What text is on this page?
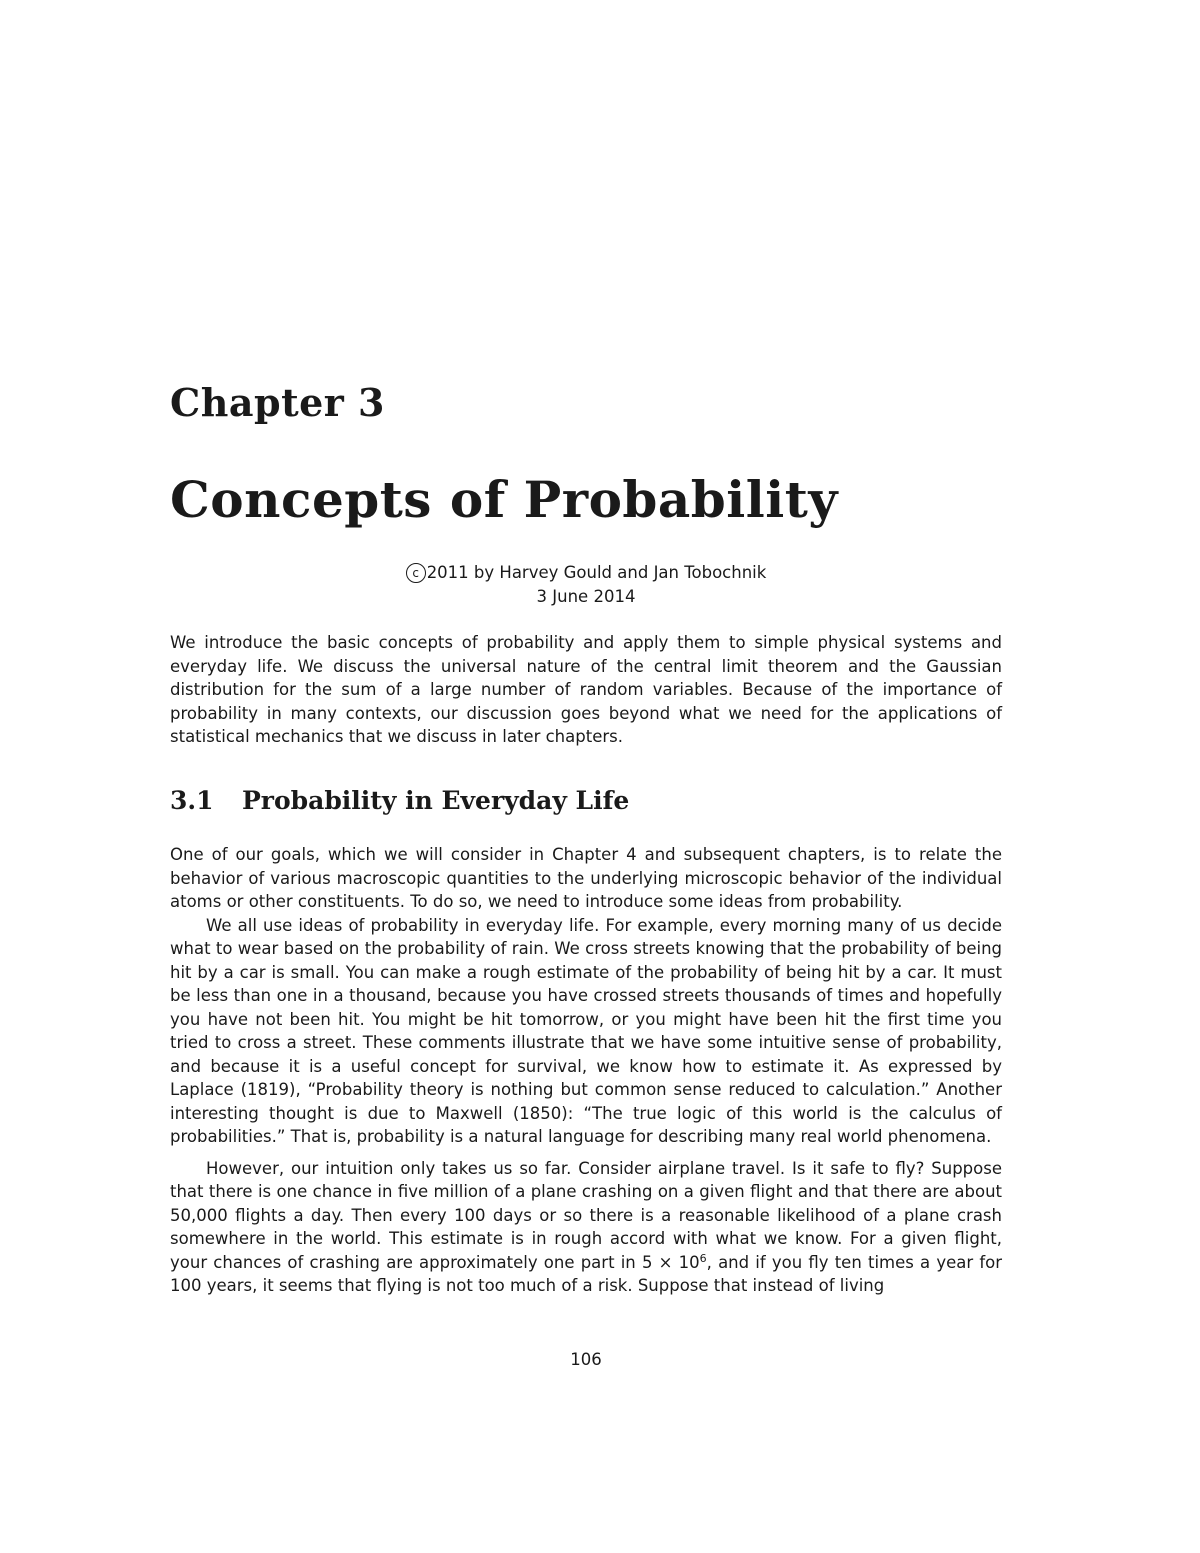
Chapter 3
Concepts of Probability
c 2011 by Harvey Gould and Jan Tobochnik
3 June 2014

We introduce the basic concepts of probability and apply them to simple physical systems and everyday life. We discuss the universal nature of the central limit theorem and the Gaussian distribution for the sum of a large number of random variables. Because of the importance of probability in many contexts, our discussion goes beyond what we need for the applications of statistical mechanics that we discuss in later chapters.

3.1 Probability in Everyday Life

One of our goals, which we will consider in Chapter 4 and subsequent chapters, is to relate the behavior of various macroscopic quantities to the underlying microscopic behavior of the individual atoms or other constituents. To do so, we need to introduce some ideas from probability.

We all use ideas of probability in everyday life. For example, every morning many of us decide what to wear based on the probability of rain. We cross streets knowing that the probability of being hit by a car is small. You can make a rough estimate of the probability of being hit by a car. It must be less than one in a thousand, because you have crossed streets thousands of times and hopefully you have not been hit. You might be hit tomorrow, or you might have been hit the first time you tried to cross a street. These comments illustrate that we have some intuitive sense of probability, and because it is a useful concept for survival, we know how to estimate it. As expressed by Laplace (1819), “Probability theory is nothing but common sense reduced to calculation.” Another interesting thought is due to Maxwell (1850): “The true logic of this world is the calculus of probabilities.” That is, probability is a natural language for describing many real world phenomena.

However, our intuition only takes us so far. Consider airplane travel. Is it safe to fly? Suppose that there is one chance in five million of a plane crashing on a given flight and that there are about 50,000 flights a day. Then every 100 days or so there is a reasonable likelihood of a plane crash somewhere in the world. This estimate is in rough accord with what we know. For a given flight, your chances of crashing are approximately one part in $5 \times 10^6$, and if you fly ten times a year for 100 years, it seems that flying is not too much of a risk. Suppose that instead of living

106
